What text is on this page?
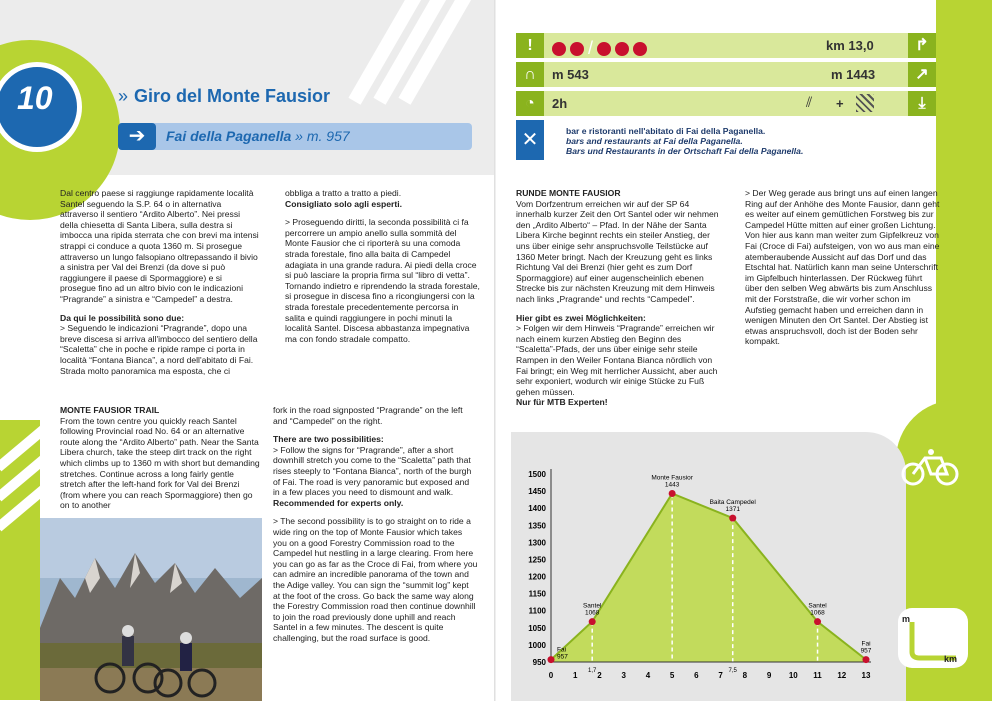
10	» Giro del Monte Fausior
➔	Fai della Paganella » m. 957

Dal centro paese si raggiunge rapidamente località Santel seguendo la S.P. 64 o in alternativa attraverso il sentiero “Ardito Alberto”. Nei pressi della chiesetta di Santa Libera, sulla destra si imbocca una ripida sterrata che con brevi ma intensi strappi ci conduce a quota 1360 m. Si prosegue attraverso un lungo falsopiano oltrepassando il bivio a sinistra per Val dei Brenzi (da dove si può raggiungere il paese di Spormaggiore) e si prosegue fino ad un altro bivio con le indicazioni “Pragrande” a sinistra e “Campedel” a destra.

Da qui le possibilità sono due:

> Seguendo le indicazioni “Pragrande”, dopo una breve discesa si arriva all'imbocco del sentiero della “Scaletta” che in poche e ripide rampe ci porta in località “Fontana Bianca”, a nord dell'abitato di Fai. Strada molto panoramica ma esposta, che ci

obbliga a tratto a tratto a piedi.

Consigliato solo agli esperti.

> Proseguendo diritti, la seconda possibilità ci fa percorrere un ampio anello sulla sommità del Monte Fausior che ci riporterà su una comoda strada forestale, fino alla baita di Campedel adagiata in una grande radura. Ai piedi della croce si può lasciare la propria firma sul “libro di vetta”. Tornando indietro e riprendendo la strada forestale, si prosegue in discesa fino a ricongiungersi con la strada forestale precedentemente percorsa in salita e quindi raggiungere in pochi minuti la località Santel. Discesa abbastanza impegnativa ma con fondo stradale compatto.

MONTE FAUSIOR TRAIL

From the town centre you quickly reach Santel following Provincial road No. 64 or an alternative route along the “Ardito Alberto” path. Near the Santa Libera church, take the steep dirt track on the right which climbs up to 1360 m with short but demanding stretches. Continue across a long fairly gentle stretch after the left-hand fork for Val dei Brenzi (from where you can reach Spormaggiore) then go on to another

fork in the road signposted “Pragrande” on the left and “Campedel” on the right.

There are two possibilities:

> Follow the signs for “Pragrande”, after a short downhill stretch you come to the “Scaletta” path that rises steeply to “Fontana Bianca”, north of the burgh of Fai. The road is very panoramic but exposed and in a few places you need to dismount and walk.

Recommended for experts only.

> The second possibility is to go straight on to ride a wide ring on the top of Monte Fausior which takes you on a good Forestry Commission road to the Campedel hut nestling in a large clearing. From here you can go as far as the Croce di Fai, from where you can admire an incredible panorama of the town and the Adige valley. You can sign the “summit log” kept at the foot of the cross. Go back the same way along the Forestry Commission road then continue downhill to join the road previously done uphill and reach Santel in a few minutes. The descent is quite challenging, but the road surface is good.

!	/	km 13,0	↱
∩	m 543	m 1443	↗
◔	2h	⫽ +	⤓
✕	bar e ristoranti nell'abitato di Fai della Paganella.
bars and restaurants at Fai della Paganella.
Bars und Restaurants in der Ortschaft Fai della Paganella.

RUNDE MONTE FAUSIOR

Vom Dorfzentrum erreichen wir auf der SP 64 innerhalb kurzer Zeit den Ort Santel oder wir nehmen den „Ardito Alberto“ – Pfad. In der Nähe der Santa Libera Kirche beginnt rechts ein steiler Anstieg, der uns über einige sehr anspruchsvolle Teilstücke auf 1360 Meter bringt. Nach der Kreuzung geht es links Richtung Val dei Brenzi (hier geht es zum Dorf Spormaggiore) auf einer augenscheinlich ebenen Strecke bis zur nächsten Kreuzung mit dem Hinweis nach links „Pragrande“ und rechts “Campedel”.

Hier gibt es zwei Möglichkeiten:

> Folgen wir dem Hinweis “Pragrande” erreichen wir nach einem kurzen Abstieg den Beginn des “Scaletta”-Pfads, der uns über einige sehr steile Rampen in den Weiler Fontana Bianca nördlich von Fai bringt; ein Weg mit herrlicher Aussicht, aber auch sehr exponiert, wodurch wir einige Stücke zu Fuß gehen müssen.

Nur für MTB Experten!

> Der Weg gerade aus bringt uns auf einen langen Ring auf der Anhöhe des Monte Fausior, dann geht es weiter auf einem gemütlichen Forstweg bis zur Campedel Hütte mitten auf einer großen Lichtung. Von hier aus kann man weiter zum Gipfelkreuz von Fai (Croce di Fai) aufsteigen, von wo aus man eine atemberaubende Aussicht auf das Dorf und das Etschtal hat. Natürlich kann man seine Unterschrift im Gipfelbuch hinterlassen. Der Rückweg führt über den selben Weg abwärts bis zum Anschluss mit der Forststraße, die wir vorher schon im Aufstieg gemacht haben und erreichen dann in wenigen Minuten den Ort Santel. Der Abstieg ist etwas anspruchsvoll, doch ist der Boden sehr kompakt.

950
1000
1050
1100
1150
1200
1250
1300
1350
1400
1450
1500
0 1 2 3 4 5 6 7 8 9 10 11 12 13
1,7	7,5
Fai
957
Santel
1068
Monte Fausior
1443
Baita Campedel
1371
Santel
1068
Fai
957
m
km
